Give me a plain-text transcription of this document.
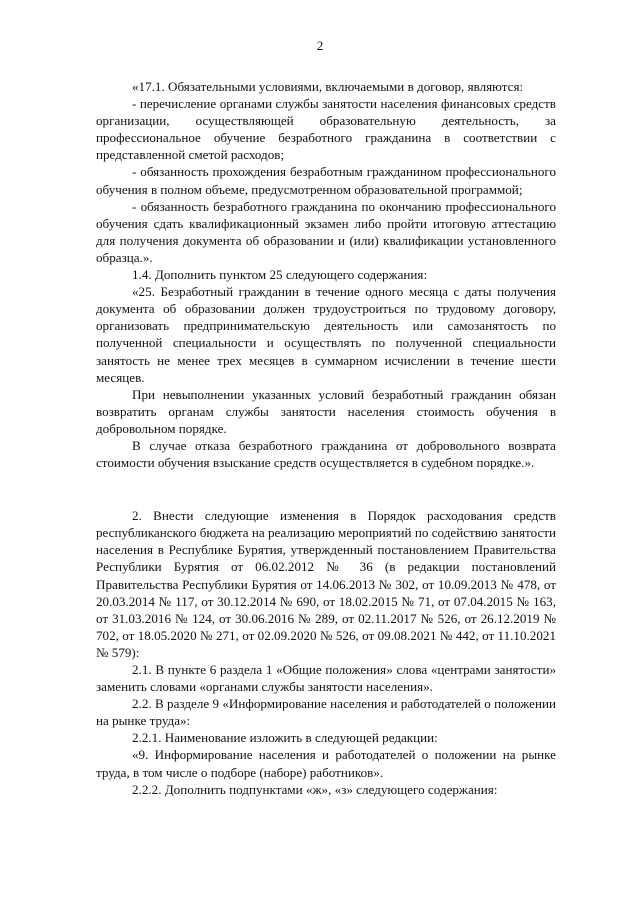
2

«17.1. Обязательными условиями, включаемыми в договор, являются:

- перечисление органами службы занятости населения финансовых средств организации, осуществляющей образовательную деятельность, за профессиональное обучение безработного гражданина в соответствии с представленной сметой расходов;

- обязанность прохождения безработным гражданином профессионального обучения в полном объеме, предусмотренном образовательной программой;

- обязанность безработного гражданина по окончанию профессионального обучения сдать квалификационный экзамен либо пройти итоговую аттестацию для получения документа об образовании и (или) квалификации установленного образца.».

1.4. Дополнить пунктом 25 следующего содержания:

«25. Безработный гражданин в течение одного месяца с даты получения документа об образовании должен трудоустроиться по трудовому договору, организовать предпринимательскую деятельность или самозанятость по полученной специальности и осуществлять по полученной специальности занятость не менее трех месяцев в суммарном исчислении в течение шести месяцев.

При невыполнении указанных условий безработный гражданин обязан возвратить органам службы занятости населения стоимость обучения в добровольном порядке.

В случае отказа безработного гражданина от добровольного возврата стоимости обучения взыскание средств осуществляется в судебном порядке.».

2. Внести следующие изменения в Порядок расходования средств республиканского бюджета на реализацию мероприятий по содействию занятости населения в Республике Бурятия, утвержденный постановлением Правительства Республики Бурятия от 06.02.2012 № 36 (в редакции постановлений Правительства Республики Бурятия от 14.06.2013 № 302, от 10.09.2013 № 478, от 20.03.2014 № 117, от 30.12.2014 № 690, от 18.02.2015 № 71, от 07.04.2015 № 163, от 31.03.2016 № 124, от 30.06.2016 № 289, от 02.11.2017 № 526, от 26.12.2019 № 702, от 18.05.2020 № 271, от 02.09.2020 № 526, от 09.08.2021 № 442, от 11.10.2021 № 579):

2.1. В пункте 6 раздела 1 «Общие положения» слова «центрами занятости» заменить словами «органами службы занятости населения».

2.2. В разделе 9 «Информирование населения и работодателей о положении на рынке труда»:

2.2.1. Наименование изложить в следующей редакции:

«9. Информирование населения и работодателей о положении на рынке труда, в том числе о подборе (наборе) работников».

2.2.2. Дополнить подпунктами «ж», «з» следующего содержания:
